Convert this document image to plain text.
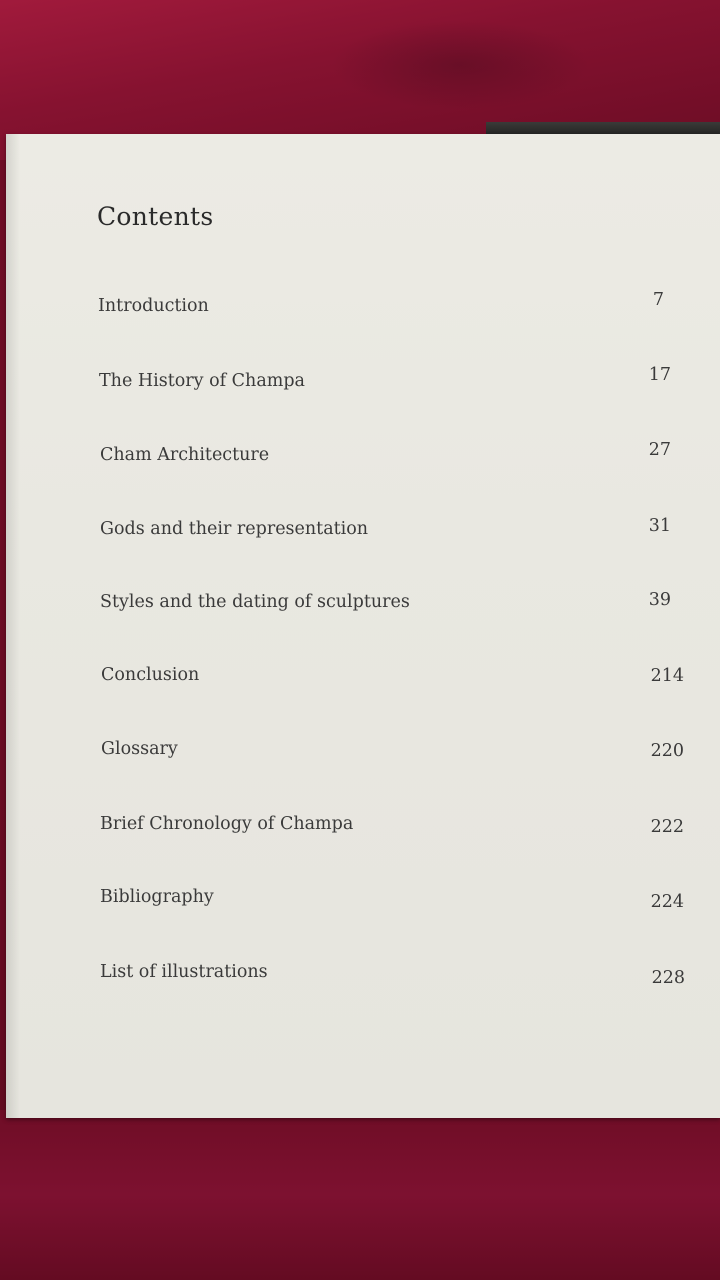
Contents
Introduction	7
The History of Champa	17
Cham Architecture	27
Gods and their representation	31
Styles and the dating of sculptures	39
Conclusion	214
Glossary	220
Brief Chronology of Champa	222
Bibliography	224
List of illustrations	228
